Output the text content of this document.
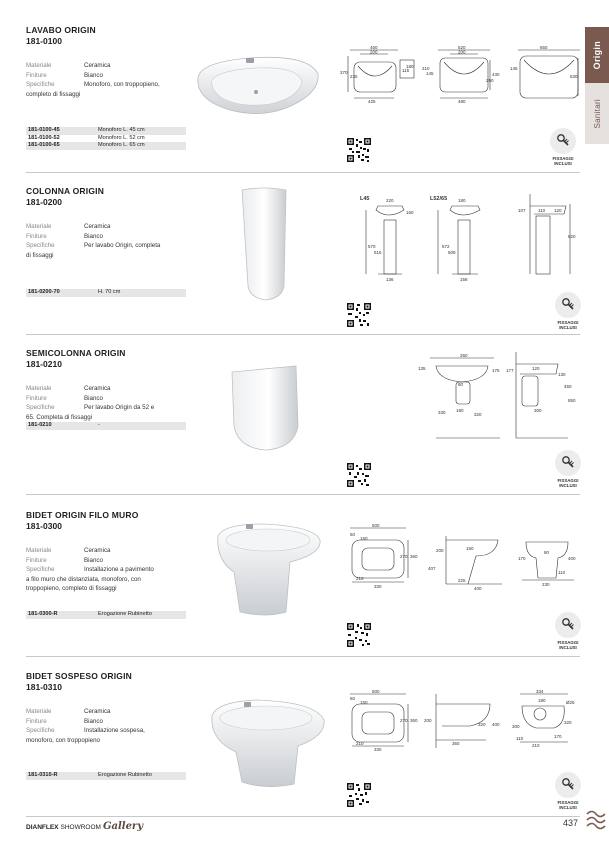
Origin
Sanitari
LAVABO ORIGIN
181-0100
Materiale	Ceramica
Finiture	Bianco
Specifiche	Monoforo, con troppopieno,
completo di fissaggi
181-0100-45	Monoforo L. 45 cm
181-0100-52	Monoforo L. 52 cm
181-0100-65	Monoforo L. 65 cm
450
200
370
235
180
115
425
520
200
210
145	430
290
480
650
145
530
FISSAGGI
INCLUSI
COLONNA ORIGIN
181-0200
Materiale	Ceramica
Finiture	Bianco
Specifiche	Per lavabo Origin, completa
di fissaggi
181-0200-70	H. 70 cm
L45	L52/65
220
160
570
515
136
180
572
509
158
110 120
820
107
FISSAGGI
INCLUSI
SEMICOLONNA ORIGIN
181-0210
Materiale	Ceramica
Finiture	Bianco
Specifiche	Per lavabo Origin da 52 e
65. Completa di fissaggi
181-0210	-
260
135
80
175
330 180
320
177	120
130
450
850
300
FISSAGGI
INCLUSI
BIDET ORIGIN FILO MURO
181-0300
Materiale	Ceramica
Finiture	Bianco
Specifiche	Installazione a pavimento
a filo muro che distanziata, monoforo, con
troppopieno, completo di fissaggi
181-0300-R	Erogazione Rubinetto
500
60
150
270 360
210
330
150
200
407
225
400
80
170	400
110
230
FISSAGGI
INCLUSI
BIDET SOSPESO ORIGIN
181-0310
Materiale	Ceramica
Finiture	Bianco
Specifiche	Installazione sospesa,
monoforo, con troppopieno
181-0310-R	Erogazione Rubinetto
500
60
150
270 360
210
330
200
320 400
360
334
180	Ø25
320
110	170
210
300
FISSAGGI
INCLUSI
DIANFLEX SHOWROOM Gallery	437
